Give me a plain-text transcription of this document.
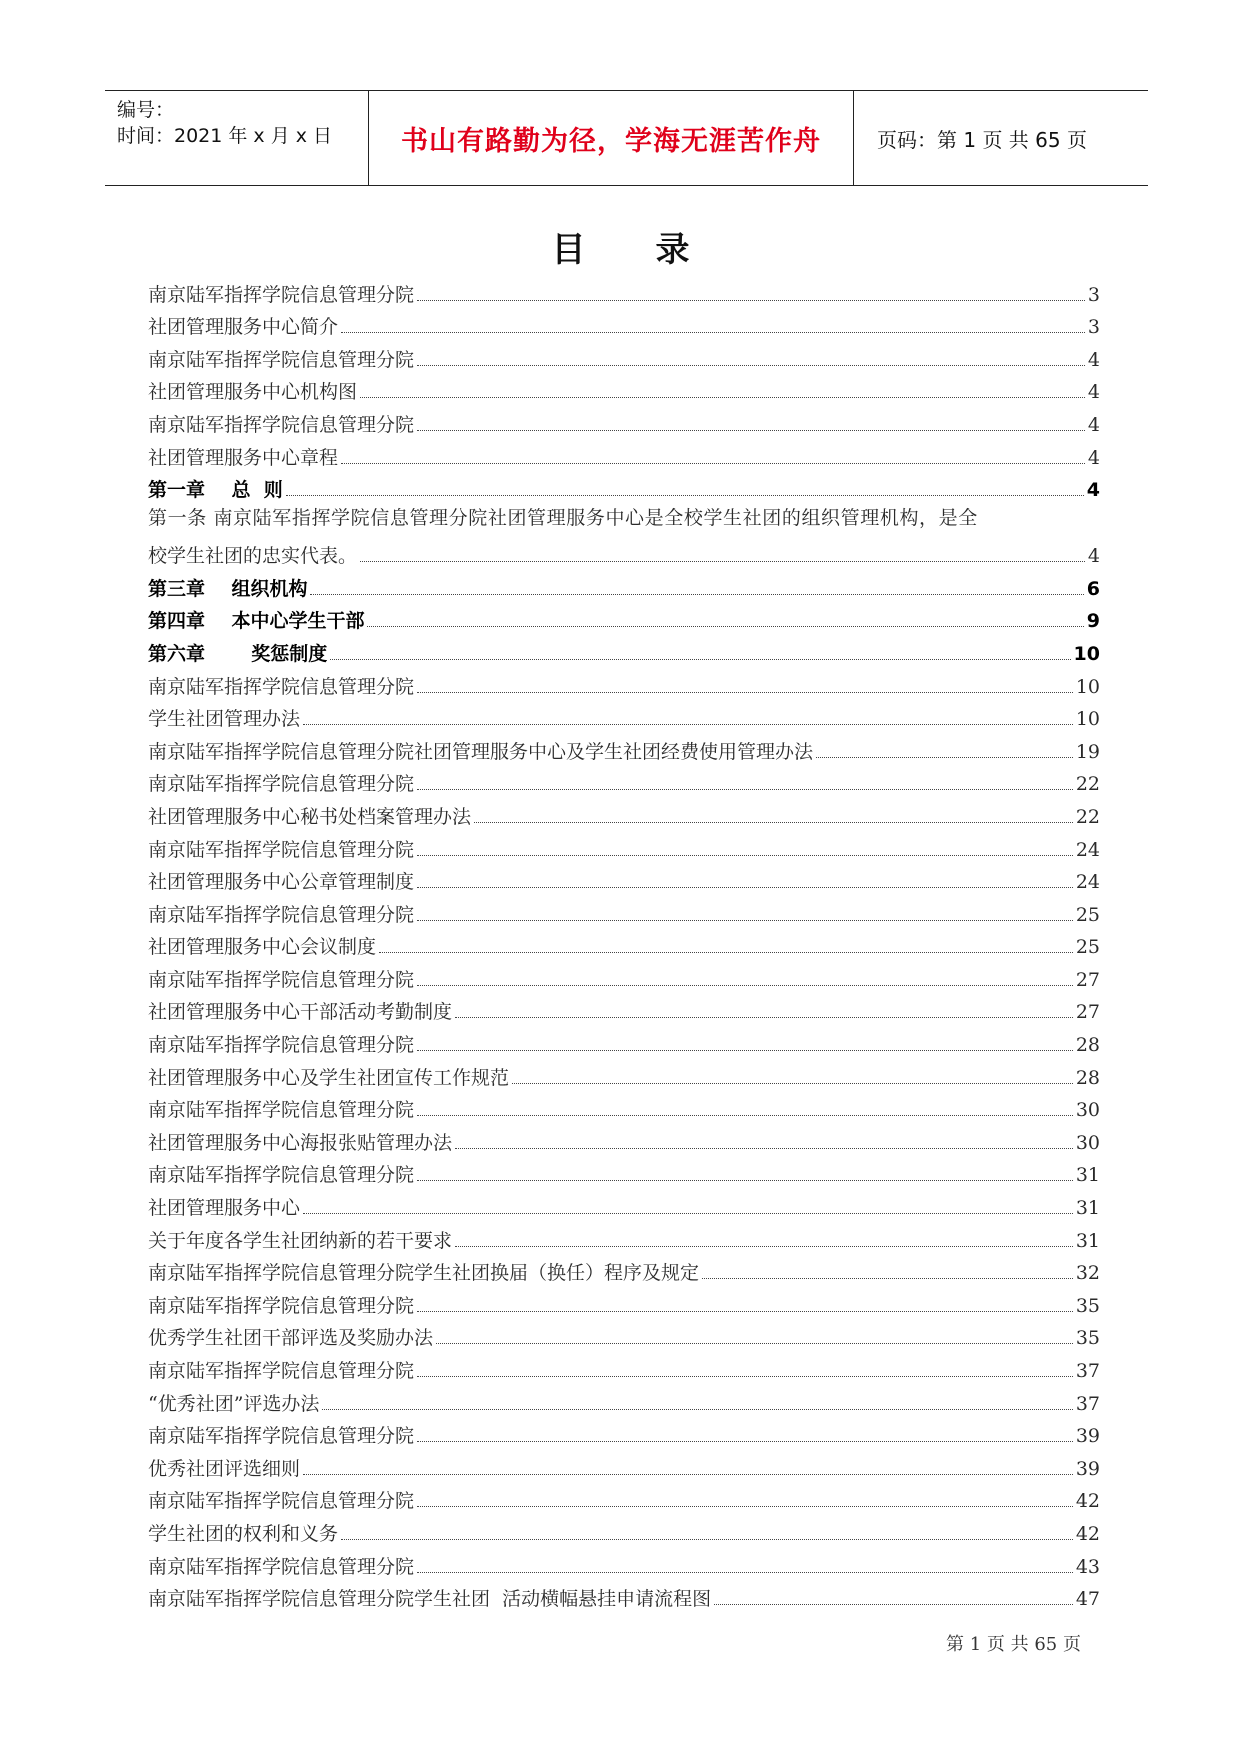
编号：
时间：2021 年 x 月 x 日	书山有路勤为径，学海无涯苦作舟	页码：第 1 页 共 65 页
目录
南京陆军指挥学院信息管理分院	3
社团管理服务中心简介	3
南京陆军指挥学院信息管理分院	4
社团管理服务中心机构图	4
南京陆军指挥学院信息管理分院	4
社团管理服务中心章程	4
第一章    总  则	4
第一条 南京陆军指挥学院信息管理分院社团管理服务中心是全校学生社团的组织管理机构，是全
校学生社团的忠实代表。	4
第三章    组织机构	6
第四章    本中心学生干部	9
第六章       奖惩制度	10
南京陆军指挥学院信息管理分院	10
学生社团管理办法	10
南京陆军指挥学院信息管理分院社团管理服务中心及学生社团经费使用管理办法	19
南京陆军指挥学院信息管理分院	22
社团管理服务中心秘书处档案管理办法	22
南京陆军指挥学院信息管理分院	24
社团管理服务中心公章管理制度	24
南京陆军指挥学院信息管理分院	25
社团管理服务中心会议制度	25
南京陆军指挥学院信息管理分院	27
社团管理服务中心干部活动考勤制度	27
南京陆军指挥学院信息管理分院	28
社团管理服务中心及学生社团宣传工作规范	28
南京陆军指挥学院信息管理分院	30
社团管理服务中心海报张贴管理办法	30
南京陆军指挥学院信息管理分院	31
社团管理服务中心	31
关于年度各学生社团纳新的若干要求	31
南京陆军指挥学院信息管理分院学生社团换届（换任）程序及规定	32
南京陆军指挥学院信息管理分院	35
优秀学生社团干部评选及奖励办法	35
南京陆军指挥学院信息管理分院	37
“优秀社团”评选办法	37
南京陆军指挥学院信息管理分院	39
优秀社团评选细则	39
南京陆军指挥学院信息管理分院	42
学生社团的权利和义务	42
南京陆军指挥学院信息管理分院	43
南京陆军指挥学院信息管理分院学生社团  活动横幅悬挂申请流程图	47
第 1 页 共 65 页
